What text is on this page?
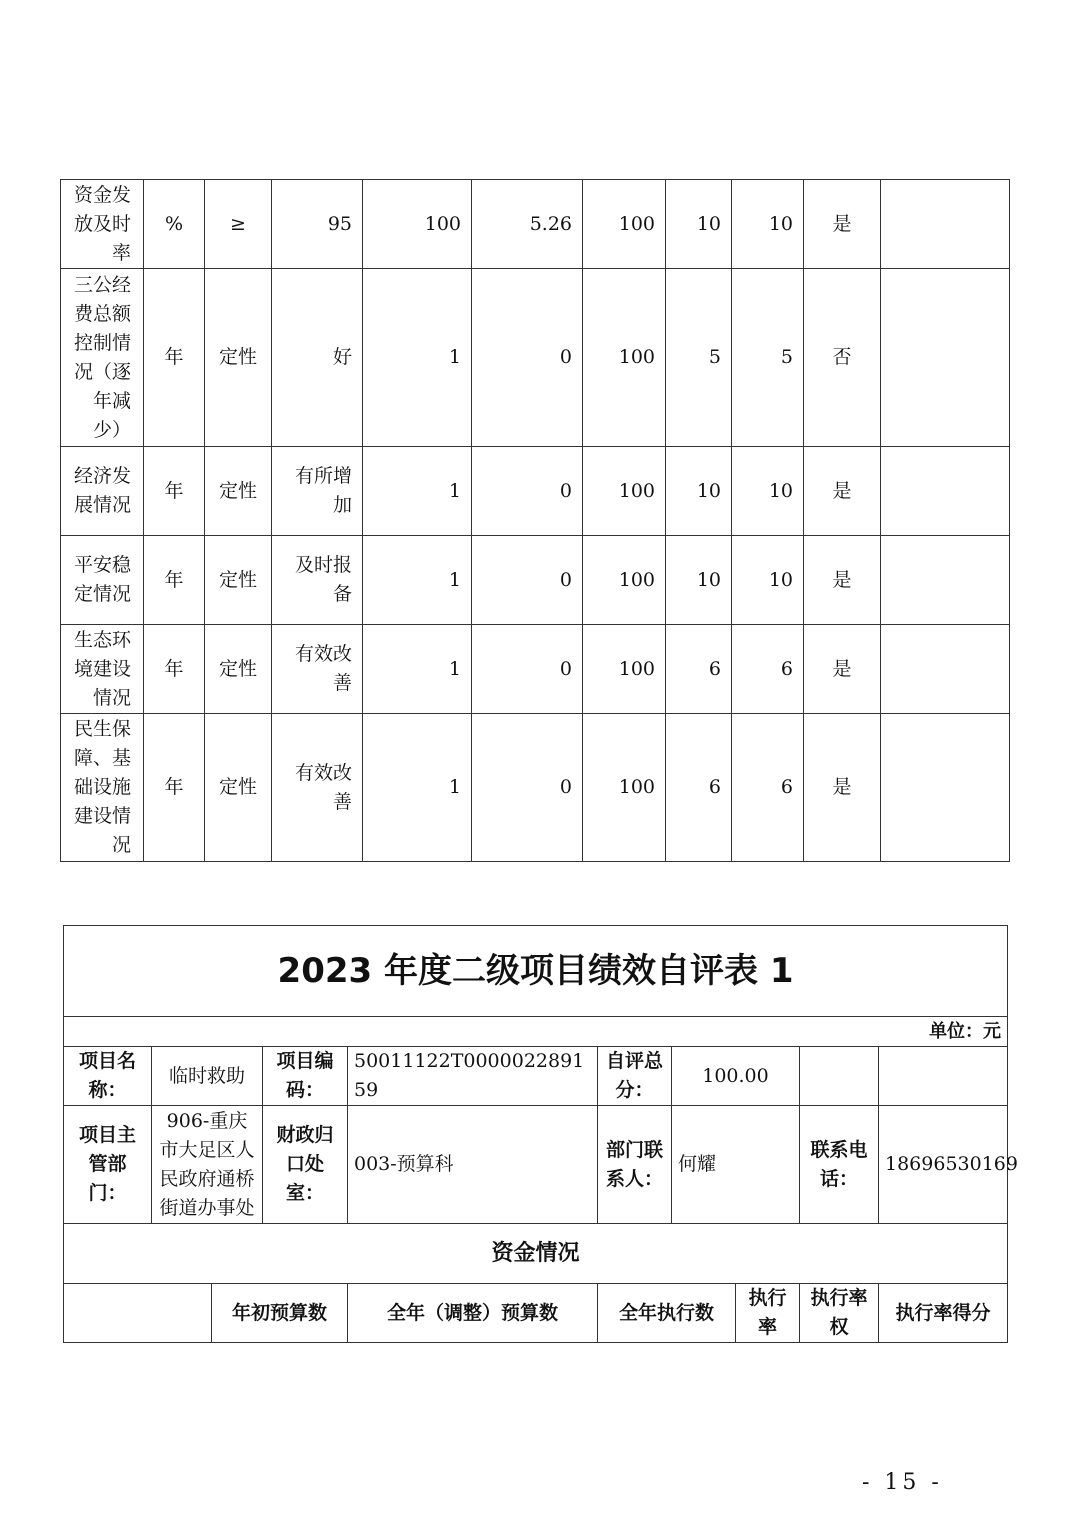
资金发放及时率	%	≥	95	100	5.26	100	10	10	是	
三公经费总额控制情况（逐年减少）	年	定性	好	1	0	100	5	5	否	
经济发展情况	年	定性	有所增加	1	0	100	10	10	是	
平安稳定情况	年	定性	及时报备	1	0	100	10	10	是	
生态环境建设情况	年	定性	有效改善	1	0	100	6	6	是	
民生保障、基础设施建设情况	年	定性	有效改善	1	0	100	6	6	是	
2023 年度二级项目绩效自评表 1									
单位：元									
项目名称：	临时救助		项目编码：	50011122T000002289159	自评总分：	100.00			
项目主管部门：	906-重庆市大足区人民政府通桥街道办事处		财政归口处室：	003-预算科	部门联系人：	何耀		联系电话：	18696530169
资金情况									
		年初预算数		全年（调整）预算数	全年执行数		执行率	执行率权	执行率得分
- 15 -
